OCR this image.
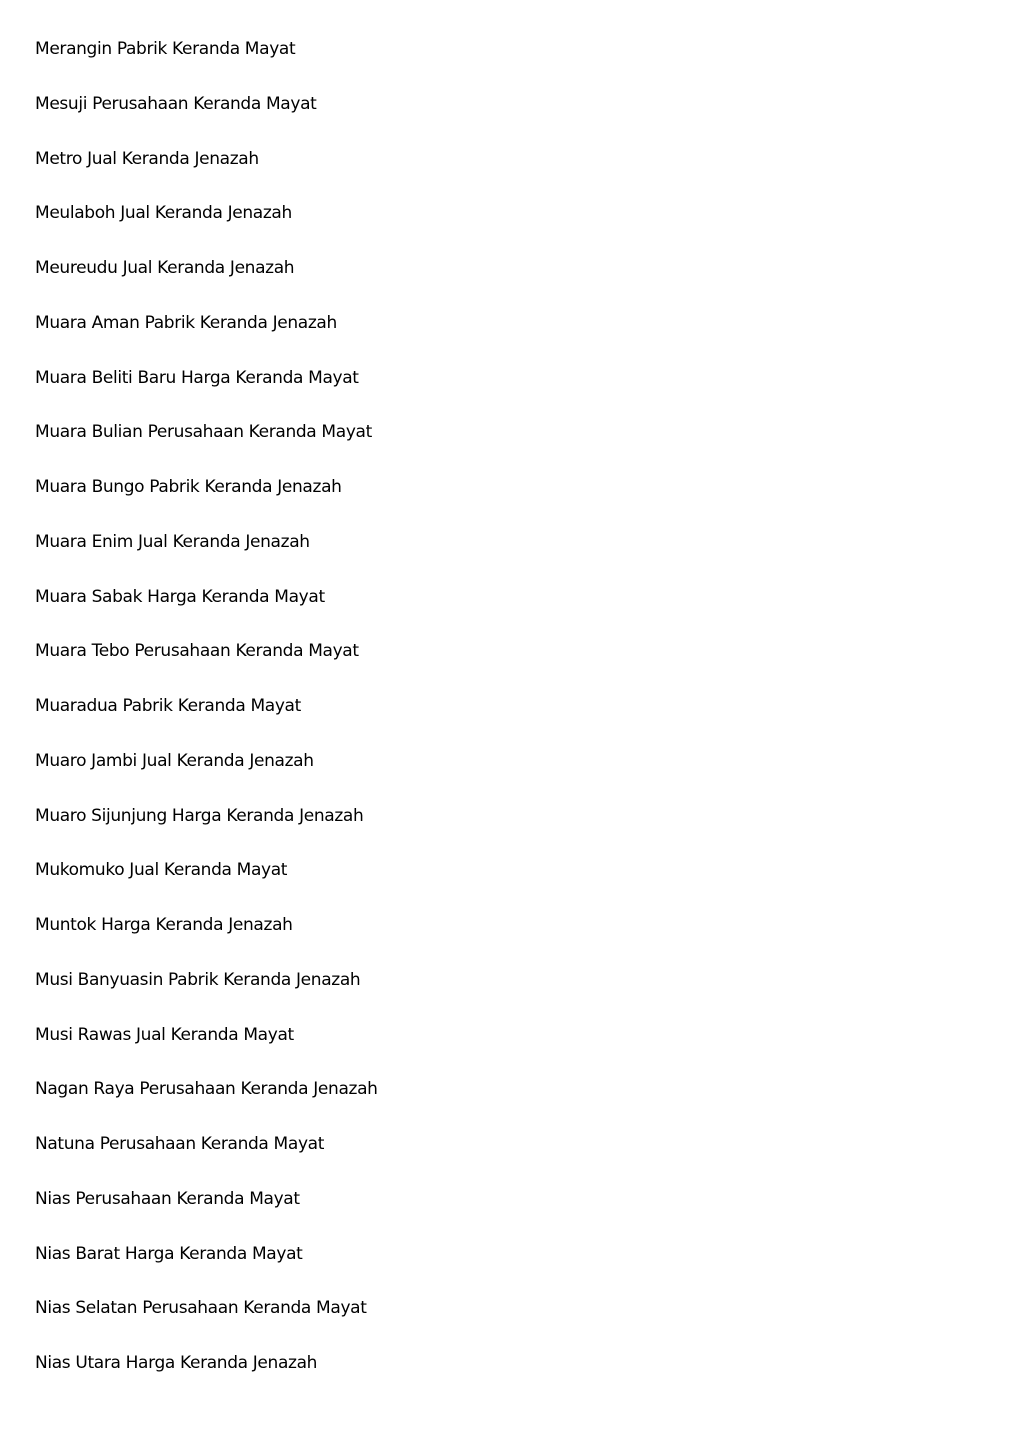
Merangin Pabrik Keranda Mayat
Mesuji Perusahaan Keranda Mayat
Metro Jual Keranda Jenazah
Meulaboh Jual Keranda Jenazah
Meureudu Jual Keranda Jenazah
Muara Aman Pabrik Keranda Jenazah
Muara Beliti Baru Harga Keranda Mayat
Muara Bulian Perusahaan Keranda Mayat
Muara Bungo Pabrik Keranda Jenazah
Muara Enim Jual Keranda Jenazah
Muara Sabak Harga Keranda Mayat
Muara Tebo Perusahaan Keranda Mayat
Muaradua Pabrik Keranda Mayat
Muaro Jambi Jual Keranda Jenazah
Muaro Sijunjung Harga Keranda Jenazah
Mukomuko Jual Keranda Mayat
Muntok Harga Keranda Jenazah
Musi Banyuasin Pabrik Keranda Jenazah
Musi Rawas Jual Keranda Mayat
Nagan Raya Perusahaan Keranda Jenazah
Natuna Perusahaan Keranda Mayat
Nias Perusahaan Keranda Mayat
Nias Barat Harga Keranda Mayat
Nias Selatan Perusahaan Keranda Mayat
Nias Utara Harga Keranda Jenazah
